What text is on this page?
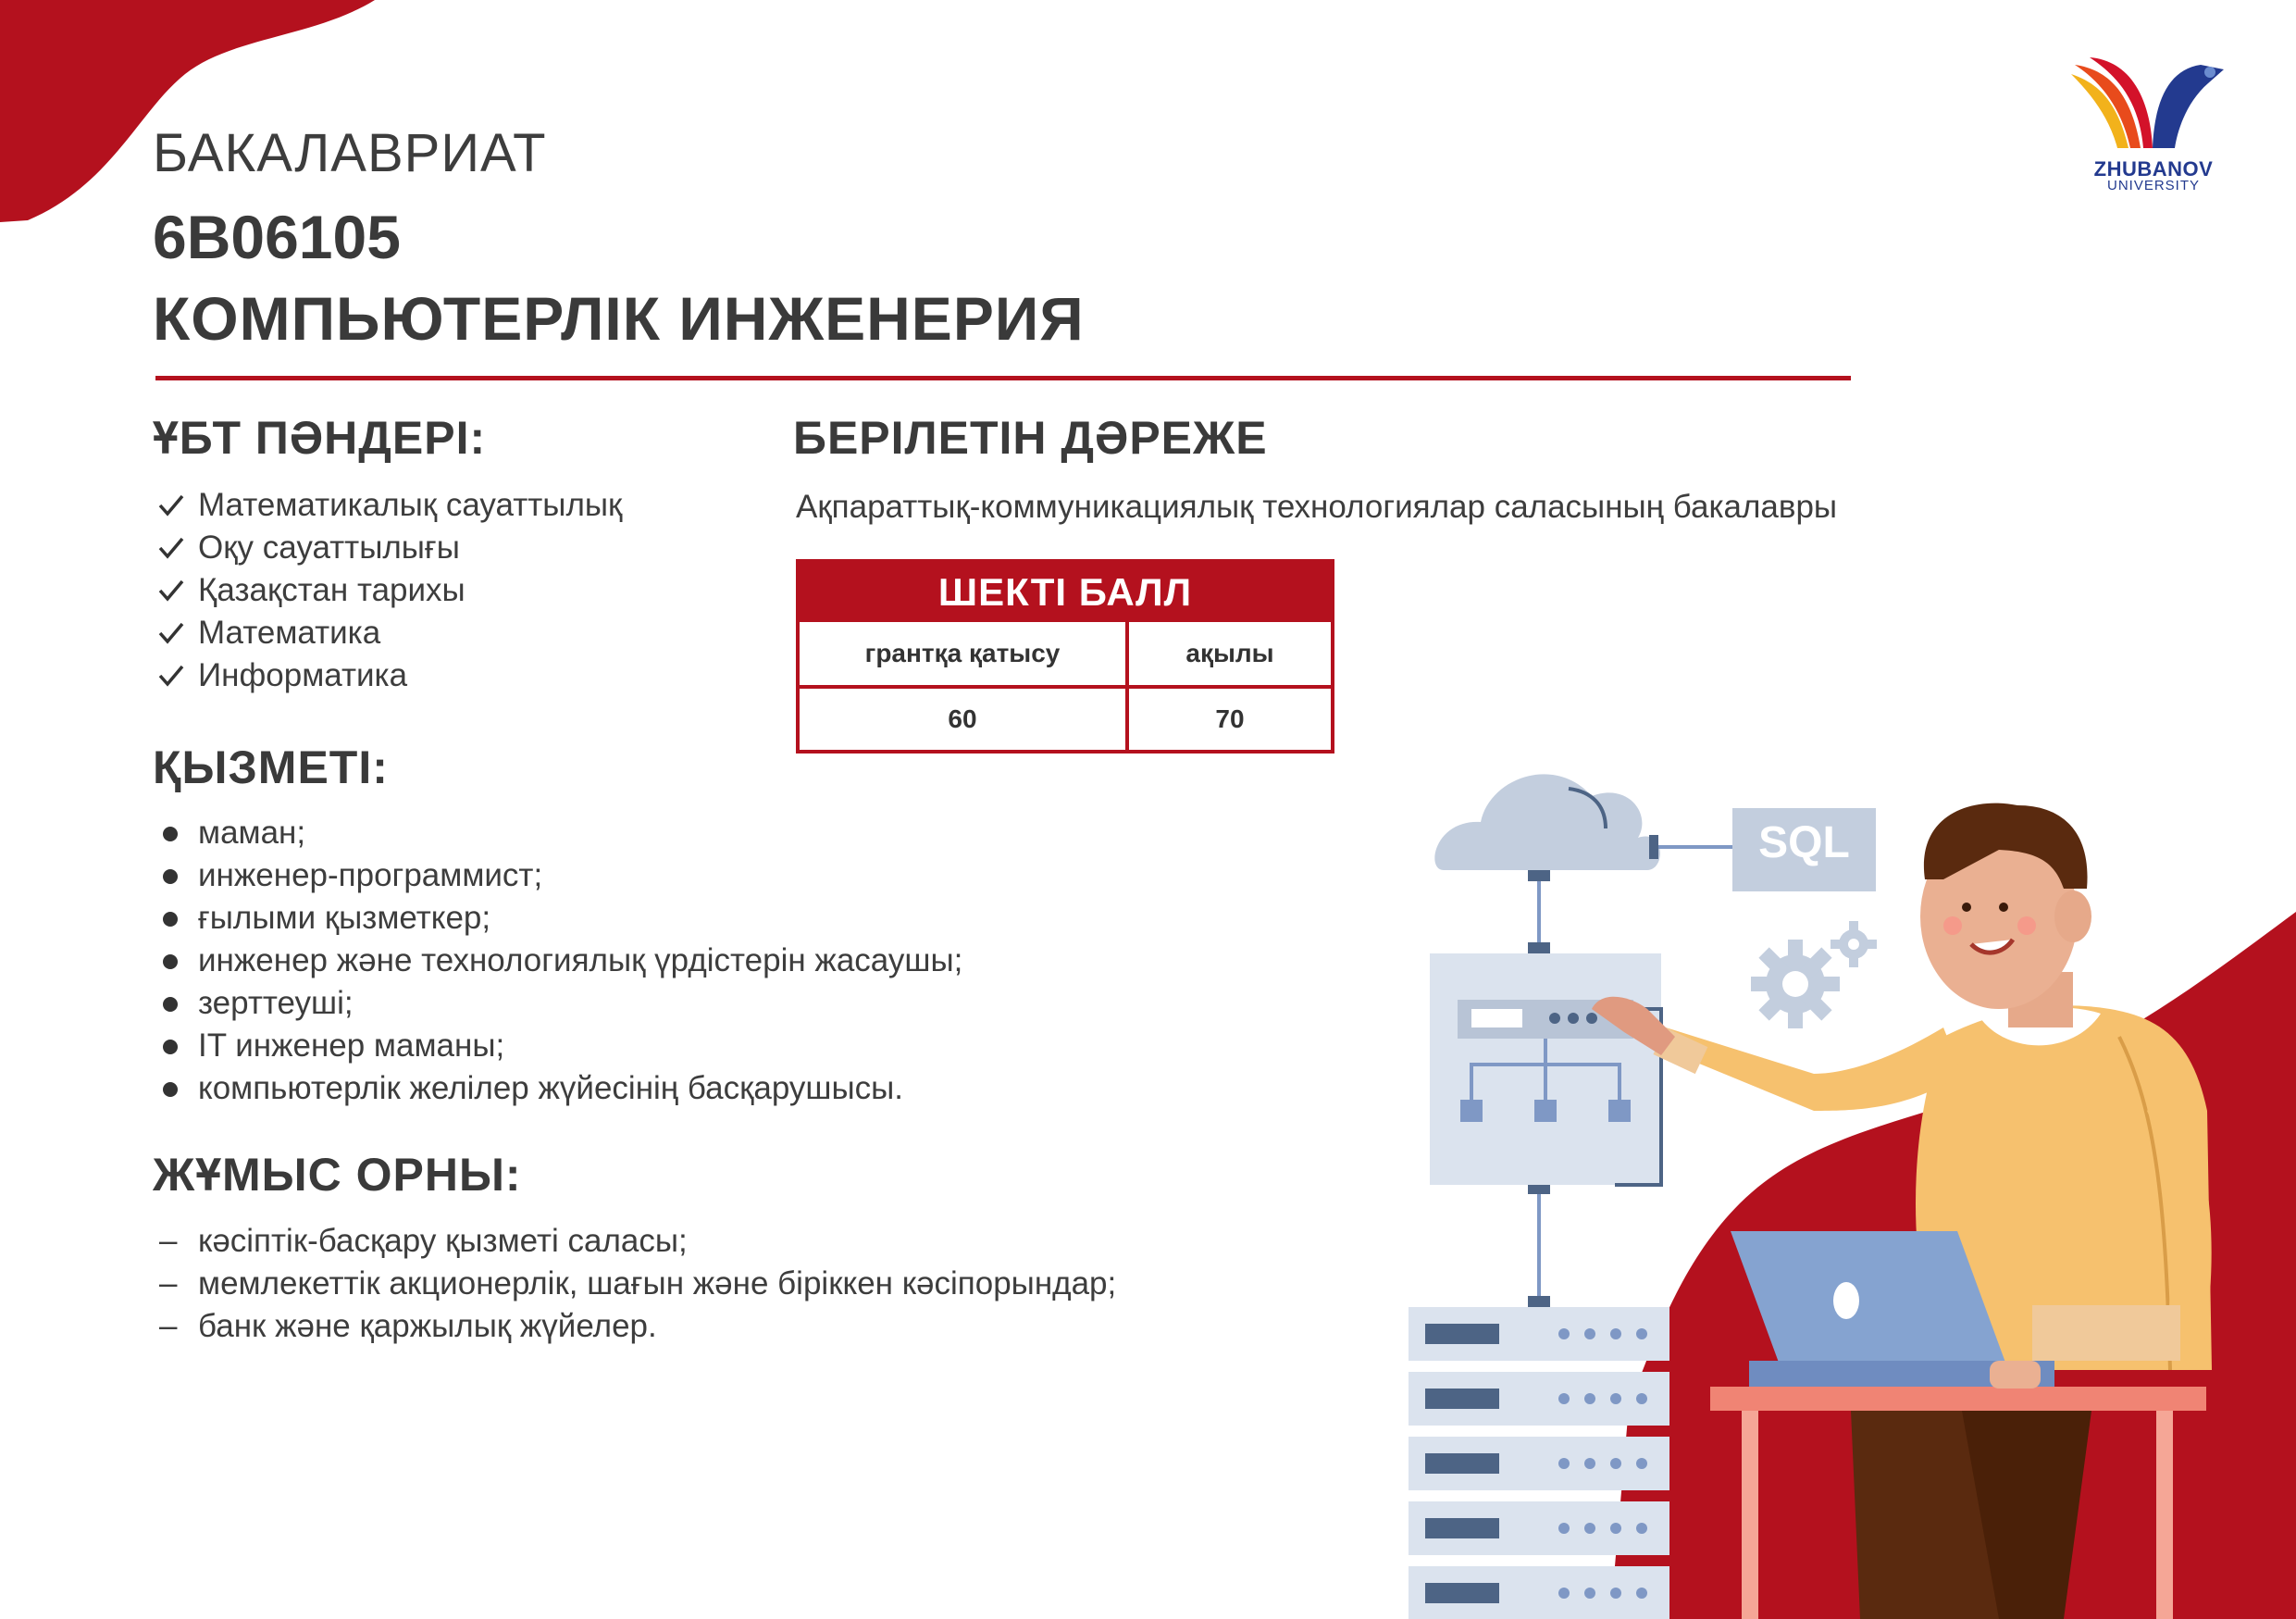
ZHUBANOV
UNIVERSITY
БАКАЛАВРИАТ
6В06105
КОМПЬЮТЕРЛІК ИНЖЕНЕРИЯ
ҰБТ ПӘНДЕРІ:
Математикалық сауаттылық
Оқу сауаттылығы
Қазақстан тарихы
Математика
Информатика
БЕРІЛЕТІН ДӘРЕЖЕ
Ақпараттық-коммуникациялық технологиялар саласының бакалавры
ШЕКТІ БАЛЛ
грантқа қатысу	ақылы
60	70
ҚЫЗМЕТІ:
маман;
инженер-программист;
ғылыми қызметкер;
инженер және технологиялық үрдістерін жасаушы;
зерттеуші;
IT инженер маманы;
компьютерлік желілер жүйесінің басқарушысы.
ЖҰМЫС ОРНЫ:
– кәсіптік-басқару қызметі саласы;
– мемлекеттік акционерлік, шағын және біріккен кәсіпорындар;
– банк және қаржылық жүйелер.
SQL
